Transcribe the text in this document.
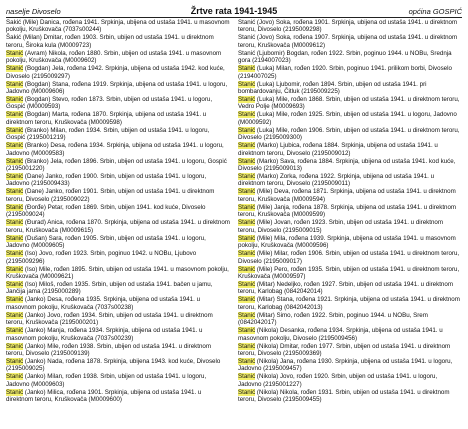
naselje Divoselo	Žrtve rata 1941-1945	općina GOSPIĆ
Šakić (Mile) Danica, rođena 1941. Srpkinja, ubijena od ustaša 1941. u masovnom pokolju, Kruškovača (7037s00244)
Šakić (Milan) Dmitar, rođen 1903. Srbin, ubijen od ustaša 1941. u direktnom teroru, Široka kula (M0009723)
Stanić (Avram) Nikola, rođen 1880. Srbin, ubijen od ustaša 1941. u masovnom pokolju, Kruškovača (M0009602)
Stanić (Bogdan) Jela, rođena 1942. Srpkinja, ubijena od ustaša 1942. kod kuće, Divoselo (2195009297)
Stanić (Bogdan) Stana, rođena 1919. Srpkinja, ubijena od ustaša 1941. u logoru, Jadovno (M0009606)
Stanić (Bogdan) Stevo, rođen 1873. Srbin, ubijen od ustaša 1941. u logoru, Gospić (M0009593)
Stanić (Bogdan) Marta, rođena 1870. Srpkinja, ubijena od ustaša 1941. u direktnom teroru, Kruškovača (M0009598)
Stanić (Branko) Milan, rođen 1934. Srbin, ubijen od ustaša 1941. u logoru, Gospić (2195001219)
Stanić (Branko) Desa, rođena 1934. Srpkinja, ubijena od ustaša 1941. u logoru, Jadovno (M0009583)
Stanić (Branko) Jela, rođen 1896. Srbin, ubijen od ustaša 1941. u logoru, Gospić (2195001220)
Stanić (Dane) Janko, rođen 1900. Srbin, ubijen od ustaša 1941. u logoru, Jadovno (2195009433)
Stanić (Dane) Janko, rođen 1901. Srbin, ubijen od ustaša 1941. u direktnom teroru, Divoselo (2195009022)
Stanić (Đorđe) Petar, rođen 1869. Srbin, ubijen 1941. kod kuće, Divoselo (2195009024)
Stanić (Đurad) Anica, rođena 1870. Srpkinja, ubijena od ustaša 1941. u direktnom teroru, Kruškovača (M0009615)
Stanić (Dušan) Sara, rođen 1905. Srbin, ubijen od ustaša 1941. u logoru, Jadovno (M0009605)
Stanić (Iso) Jovo, rođen 1923. Srbin, poginuo 1942. u NOBu, Ljubovo (2195009296)
Stanić (Iso) Mile, rođen 1895. Srbin, ubijen od ustaša 1941. u masovnom pokolju, Kruškovača (M0009621)
Stanić (Iso) Miloš, rođen 1935. Srbin, ubijen od ustaša 1941. bačen u jamu, Jančija jama (2195000289)
Stanić (Janko) Desa, rođena 1935. Srpkinja, ubijena od ustaša 1941. u masovnom pokolju, Kruškovača (7037s00238)
Stanić (Janko) Jovo, rođen 1934. Srbin, ubijen od ustaša 1941. u direktnom teroru, Kruškovača (2195000201)
Stanić (Janko) Manja, rođena 1934. Srpkinja, ubijena od ustaša 1941. u masovnom pokolju, Kruškovača (7037s00239)
Stanić (Janko) Mile, rođen 1938. Srbin, ubijen od ustaša 1941. u direktnom teroru, Divoselo (2195009139)
Stanić (Janko) Nada, rođena 1878. Srpkinja, ubijena 1943. kod kuće, Divoselo (2195009025)
Stanić (Janko) Milan, rođen 1938. Srbin, ubijen od ustaša 1941. u logoru, Jadovno (M0009603)
Stanić (Janko) Milica, rođena 1901. Srpkinja, ubijena od ustaša 1941. u direktnom teroru, Kruškovača (M0009600)
Stanić (Jovo) Soka, rođena 1901. Srpkinja, ubijena od ustaša 1941. u direktnom teroru, Divoselo (2195009298)
Stanić (Jovo) Soka, rođena 1907. Srpkinja, ubijena od ustaša 1941. u direktnom teroru, Kruškovača (M0009612)
Stanić (Ljubomir) Bogdan, rođen 1922. Srbin, poginuo 1944. u NOBu, Srednja gora (2194007023)
Stanić (Luka) Milan, rođen 1920. Srbin, poginuo 1941. prilikom borbi, Divoselo (2194007025)
Stanić (Luka) Ljubomir, rođen 1894. Srbin, ubijen od ustaša 1941. pri bombardovanju, Čitluk (2195009225)
Stanić (Luka) Mile, rođen 1868. Srbin, ubijen od ustaša 1941. u direktnom teroru, Vedro Polje (M0009693)
Stanić (Luka) Mile, rođen 1925. Srbin, ubijen od ustaša 1941. u logoru, Jadovno (M0009592)
Stanić (Luka) Mile, rođen 1906. Srbin, ubijen od ustaša 1941. u direktnom teroru, Divoselo (2195009300)
Stanić (Marko) Ljubica, rođena 1884. Srpkinja, ubijena od ustaša 1941. u direktnom teroru, Divoselo (2195009012)
Stanić (Marko) Sava, rođena 1884. Srpkinja, ubijena od ustaša 1941. kod kuće, Divoselo (2195009013)
Stanić (Marko) Zorka, rođena 1922. Srpkinja, ubijena od ustaša 1941. u direktnom teroru, Divoselo (2195009011)
Stanić (Mile) Deva, rođena 1871. Srpkinja, ubijena od ustaša 1941. u direktnom teroru, Kruškovača (M0009594)
Stanić (Mile) Janja, rođena 1878. Srpkinja, ubijena od ustaša 1941. u direktnom teroru, Kruškovača (M0009599)
Stanić (Mile) Jovan, rođen 1923. Srbin, ubijen od ustaša 1941. u direktnom teroru, Divoselo (2195009015)
Stanić (Mile) Mila, rođena 1939. Srpkinja, ubijena od ustaša 1941. u masovnom pokolju, Kruškovača (M0009596)
Stanić (Mile) Milar, rođen 1906. Srbin, ubijen od ustaša 1941. u direktnom teroru, Divoselo (2195009017)
Stanić (Mile) Pero, rođen 1935. Srbin, ubijen od ustaša 1941. u direktnom teroru, Kruškovača (M0009597)
Stanić (Mitar) Nedeljko, rođen 1927. Srbin, ubijen od ustaša 1941. u direktnom teroru, Karlobag (0842042014)
Stanić (Mitar) Stana, rođena 1921. Srpkinja, ubijena od ustaša 1941. u direktnom teroru, Karlobag (0842042013)
Stanić (Mitar) Simo, rođen 1922. Srbin, poginuo 1944. u NOBu, Srem (0842042017)
Stanić (Nikola) Desanka, rođena 1934. Srpkinja, ubijena od ustaša 1941. u masovnom pokolju, Divoselo (2195009456)
Stanić (Nikola) Dmitar, rođen 1977. Srbin, ubijen od ustaša 1941. u direktnom teroru, Divoselo (2195009369)
Stanić (Nikola) Jana, rođena 1930. Srpkinja, ubijena od ustaša 1941. u logoru, Jadovno (2195009457)
Stanić (Nikola) Jovo, rođen 1920. Srbin, ubijen od ustaša 1941. u logoru, Jadovno (2195001227)
Stanić (Nikola) Nikola, rođen 1931. Srbin, ubijen od ustaša 1941. u direktnom teroru, Divoselo (2195009455)
